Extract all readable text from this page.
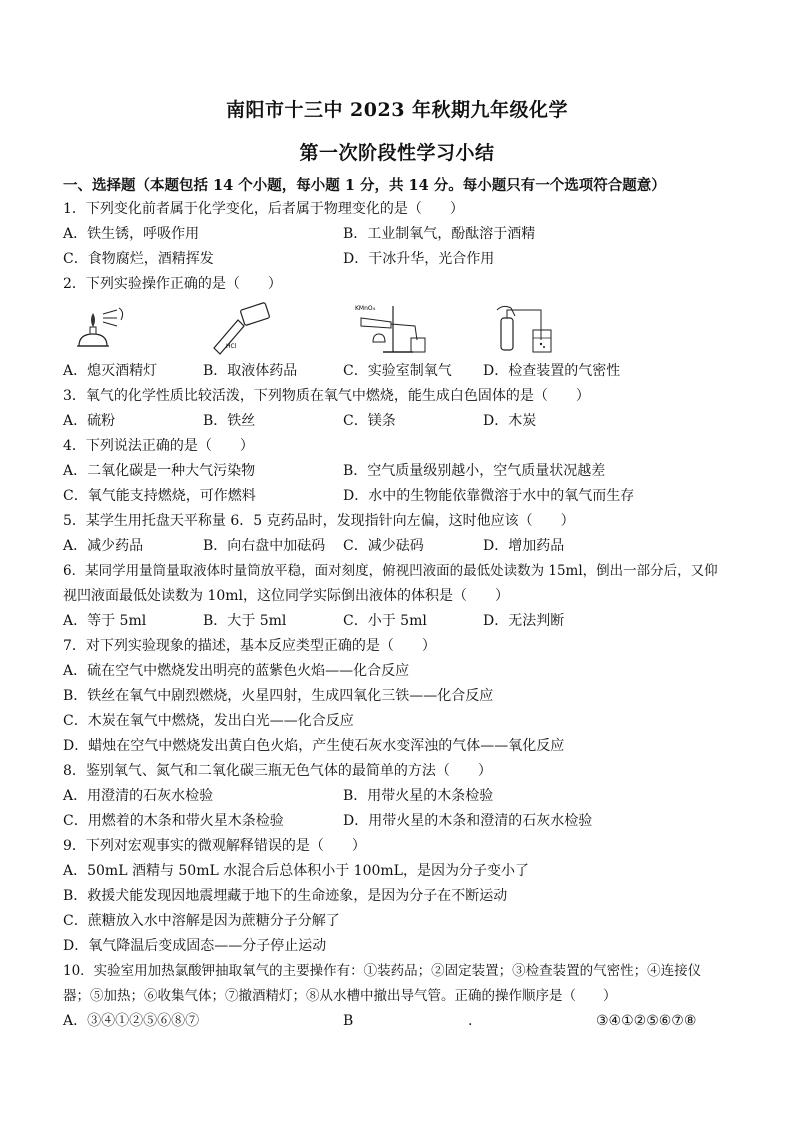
南阳市十三中 2023 年秋期九年级化学
第一次阶段性学习小结
一、选择题（本题包括 14 个小题，每小题 1 分，共 14 分。每小题只有一个选项符合题意）
1．下列变化前者属于化学变化，后者属于物理变化的是（　　）
A．铁生锈，呼吸作用	B．工业制氧气，酚酞溶于酒精
C．食物腐烂，酒精挥发	D．干冰升华，光合作用
2．下列实验操作正确的是（　　）
HCl
KMnO₄
A．熄灭酒精灯	B．取液体药品	C．实验室制氧气 D．检查装置的气密性
3．氧气的化学性质比较活泼，下列物质在氧气中燃烧，能生成白色固体的是（　　）
A．硫粉	B．铁丝	C．镁条	D．木炭
4．下列说法正确的是（　　）
A．二氧化碳是一种大气污染物	B．空气质量级别越小，空气质量状况越差
C．氧气能支持燃烧，可作燃料	D．水中的生物能依靠微溶于水中的氧气而生存
5．某学生用托盘天平称量 6．5 克药品时，发现指针向左偏，这时他应该（　　）
A．减少药品	B．向右盘中加砝码 C．减少砝码	D．增加药品
6．某同学用量筒量取液体时量筒放平稳，面对刻度，俯视凹液面的最低处读数为 15ml，倒出一部分后，又仰
视凹液面最低处读数为 10ml，这位同学实际倒出液体的体积是（　　）
A．等于 5ml	B．大于 5ml	C．小于 5ml	D．无法判断
7．对下列实验现象的描述，基本反应类型正确的是（　　）
A．硫在空气中燃烧发出明亮的蓝紫色火焰——化合反应
B．铁丝在氧气中剧烈燃烧，火星四射，生成四氧化三铁——化合反应
C．木炭在氧气中燃烧，发出白光——化合反应
D．蜡烛在空气中燃烧发出黄白色火焰，产生使石灰水变浑浊的气体——氧化反应
8．鉴别氧气、氮气和二氧化碳三瓶无色气体的最简单的方法（　　）
A．用澄清的石灰水检验	B．用带火星的木条检验
C．用燃着的木条和带火星木条检验	D．用带火星的木条和澄清的石灰水检验
9．下列对宏观事实的微观解释错误的是（　　）
A．50mL 酒精与 50mL 水混合后总体积小于 100mL，是因为分子变小了
B．救援犬能发现因地震埋藏于地下的生命迹象，是因为分子在不断运动
C．蔗糖放入水中溶解是因为蔗糖分子分解了
D．氧气降温后变成固态——分子停止运动
10．实验室用加热氯酸钾抽取氧气的主要操作有：①装药品；②固定装置；③检查装置的气密性；④连接仪
器；⑤加热；⑥收集气体；⑦撤酒精灯；⑧从水槽中撤出导气管。正确的操作顺序是（　　）
A．③④①②⑤⑥⑧⑦	B	.	③④①②⑤⑥⑦⑧
